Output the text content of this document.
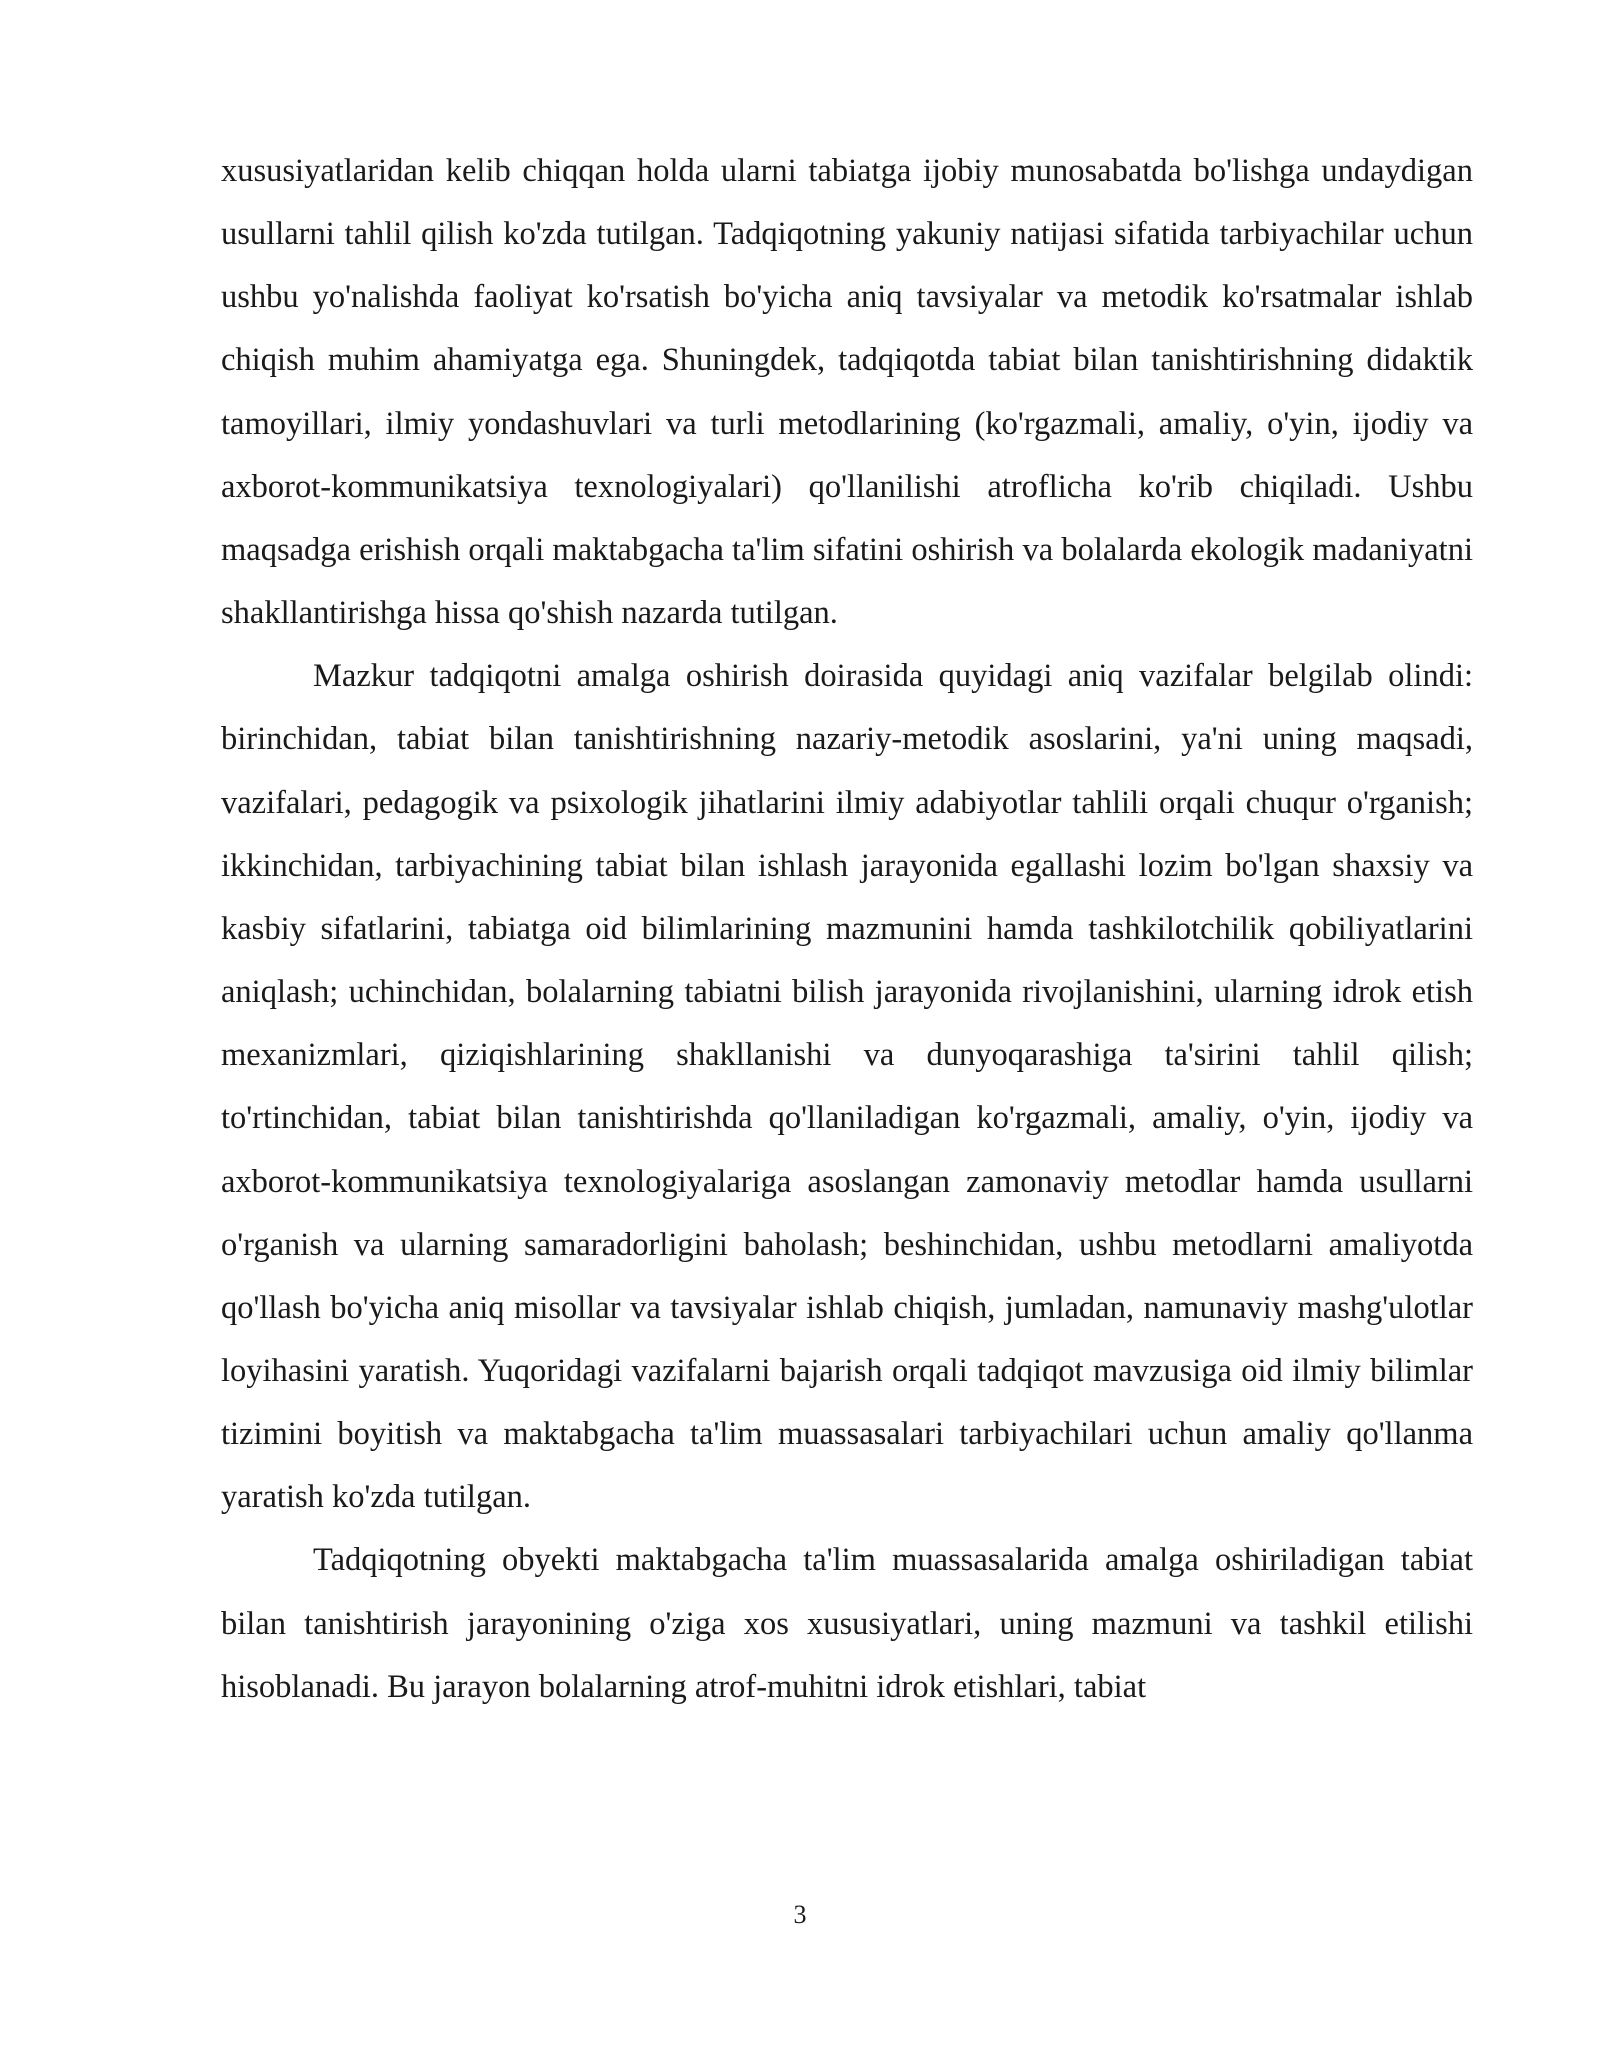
xususiyatlaridan kelib chiqqan holda ularni tabiatga ijobiy munosabatda bo'lishga undaydigan usullarni tahlil qilish ko'zda tutilgan. Tadqiqotning yakuniy natijasi sifatida tarbiyachilar uchun ushbu yo'nalishda faoliyat ko'rsatish bo'yicha aniq tavsiyalar va metodik ko'rsatmalar ishlab chiqish muhim ahamiyatga ega. Shuningdek, tadqiqotda tabiat bilan tanishtirishning didaktik tamoyillari, ilmiy yondashuvlari va turli metodlarining (ko'rgazmali, amaliy, o'yin, ijodiy va axborot-kommunikatsiya texnologiyalari) qo'llanilishi atroflicha ko'rib chiqiladi. Ushbu maqsadga erishish orqali maktabgacha ta'lim sifatini oshirish va bolalarda ekologik madaniyatni shakllantirishga hissa qo'shish nazarda tutilgan.

Mazkur tadqiqotni amalga oshirish doirasida quyidagi aniq vazifalar belgilab olindi: birinchidan, tabiat bilan tanishtirishning nazariy-metodik asoslarini, ya'ni uning maqsadi, vazifalari, pedagogik va psixologik jihatlarini ilmiy adabiyotlar tahlili orqali chuqur o'rganish; ikkinchidan, tarbiyachining tabiat bilan ishlash jarayonida egallashi lozim bo'lgan shaxsiy va kasbiy sifatlarini, tabiatga oid bilimlarining mazmunini hamda tashkilotchilik qobiliyatlarini aniqlash; uchinchidan, bolalarning tabiatni bilish jarayonida rivojlanishini, ularning idrok etish mexanizmlari, qiziqishlarining shakllanishi va dunyoqarashiga ta'sirini tahlil qilish; to'rtinchidan, tabiat bilan tanishtirishda qo'llaniladigan ko'rgazmali, amaliy, o'yin, ijodiy va axborot-kommunikatsiya texnologiyalariga asoslangan zamonaviy metodlar hamda usullarni o'rganish va ularning samaradorligini baholash; beshinchidan, ushbu metodlarni amaliyotda qo'llash bo'yicha aniq misollar va tavsiyalar ishlab chiqish, jumladan, namunaviy mashg'ulotlar loyihasini yaratish. Yuqoridagi vazifalarni bajarish orqali tadqiqot mavzusiga oid ilmiy bilimlar tizimini boyitish va maktabgacha ta'lim muassasalari tarbiyachilari uchun amaliy qo'llanma yaratish ko'zda tutilgan.

Tadqiqotning obyekti maktabgacha ta'lim muassasalarida amalga oshiriladigan tabiat bilan tanishtirish jarayonining o'ziga xos xususiyatlari, uning mazmuni va tashkil etilishi hisoblanadi. Bu jarayon bolalarning atrof-muhitni idrok etishlari, tabiat

3
